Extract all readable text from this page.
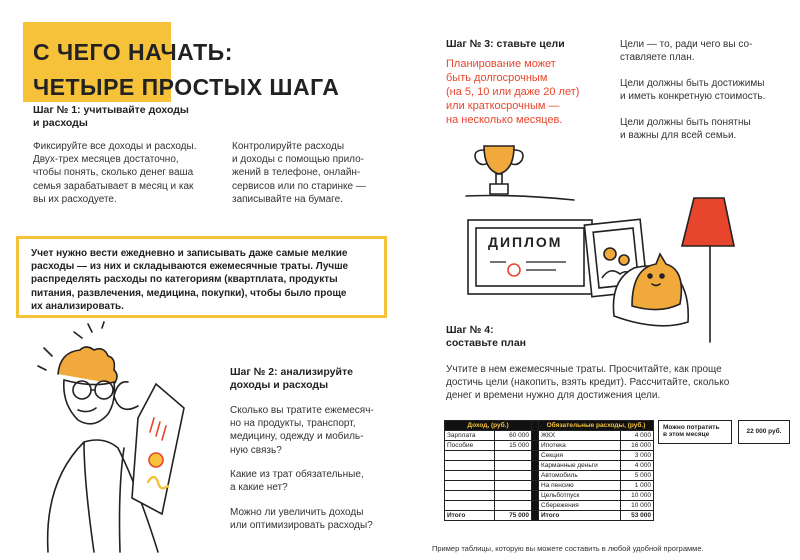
С ЧЕГО НАЧАТЬ:
ЧЕТЫРЕ ПРОСТЫХ ШАГА
Шаг № 1: учитывайте доходы
и расходы
Фиксируйте все доходы и расходы.
Двух-трех месяцев достаточно,
чтобы понять, сколько денег ваша
семья зарабатывает в месяц и как
вы их расходуете.
Контролируйте расходы
и доходы с помощью прило-
жений в телефоне, онлайн-
сервисов или по старинке —
записывайте на бумаге.
Учет нужно вести ежедневно и записывать даже самые мелкие
расходы — из них и складываются ежемесячные траты. Лучше
распределять расходы по категориям (квартплата, продукты
питания, развлечения, медицина, покупки), чтобы было проще
их анализировать.
Шаг № 2: анализируйте
доходы и расходы
Сколько вы тратите ежемесяч-
но на продукты, транспорт,
медицину, одежду и мобиль-
ную связь?
Какие из трат обязательные,
а какие нет?
Можно ли увеличить доходы
или оптимизировать расходы?
Шаг № 3: ставьте цели
Планирование может
быть долгосрочным
(на 5, 10 или даже 20 лет)
или краткосрочным —
на несколько месяцев.
Цели — то, ради чего вы со-
ставляете план.
Цели должны быть достижимы
и иметь конкретную стоимость.
Цели должны быть понятны
и важны для всей семьи.
ДИПЛОМ
Шаг № 4:
составьте план
Учтите в нем ежемесячные траты. Просчитайте, как проще
достичь цели (накопить, взять кредит). Рассчитайте, сколько
денег и времени нужно для достижения цели.
Доход, (руб.)			Обязательные расходы, (руб.)	
Зарплата	60 000		ЖКХ	4 000
Пособие	15 000		Ипотека	16 000
			Секция	3 000
			Карманные деньги	4 000
			Автомобиль	5 000
			На пенсию	1 000
			Цельботпуск	10 000
			Сбережения	10 000
Итого	75 000		Итого	53 000
Можно потратить
в этом месяце	22 000 руб.
Пример таблицы, которую вы можете составить в любой удобной программе.
